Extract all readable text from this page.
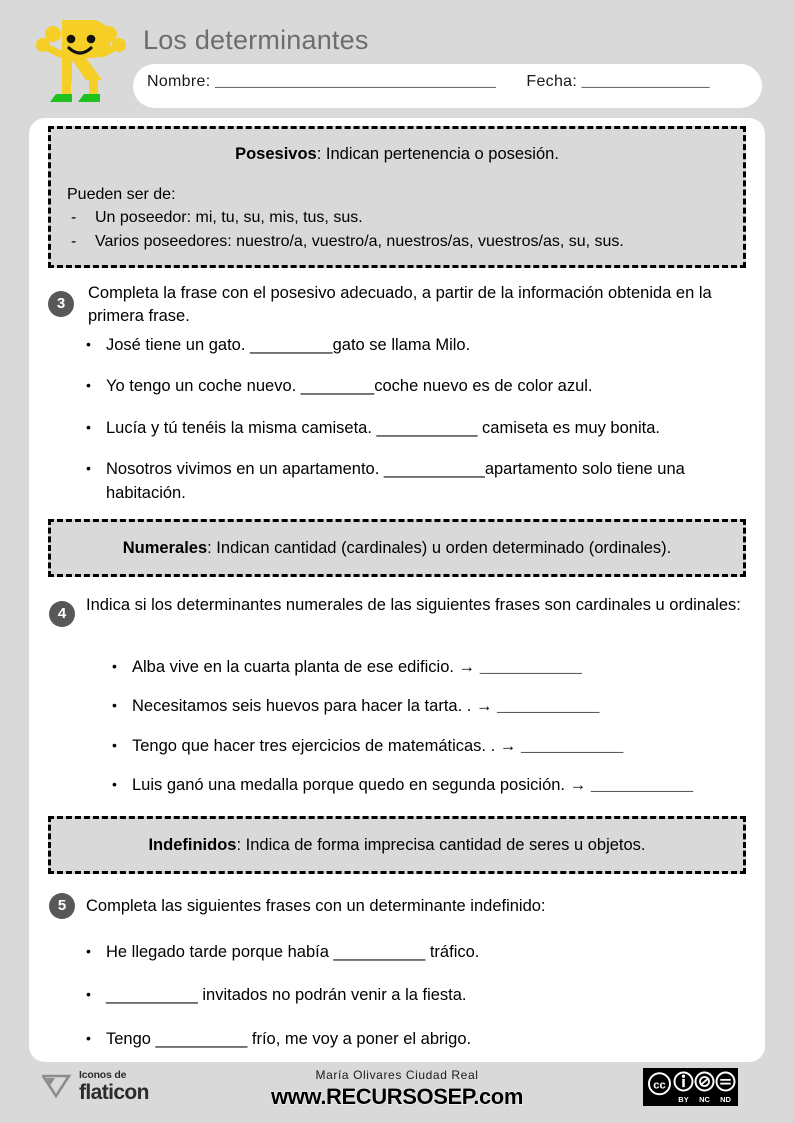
Los determinantes
Nombre: _________________________________ Fecha: _______________
Posesivos: Indican pertenencia o posesión.
Pueden ser de:
-	Un poseedor: mi, tu, su, mis, tus, sus.
-	Varios poseedores: nuestro/a, vuestro/a, nuestros/as, vuestros/as, su, sus.
3
Completa la frase con el posesivo adecuado, a partir de la información obtenida en la primera frase.
• José tiene un gato. _________gato se llama Milo.
• Yo tengo un coche nuevo. ________coche nuevo es de color azul.
• Lucía y tú tenéis la misma camiseta. ___________ camiseta es muy bonita.
• Nosotros vivimos en un apartamento. ___________apartamento solo tiene una habitación.
Numerales: Indican cantidad (cardinales) u orden determinado (ordinales).
4	Indica si los determinantes numerales de las siguientes frases son cardinales u ordinales:
• Alba vive en la cuarta planta de ese edificio. → ____________
• Necesitamos seis huevos para hacer la tarta. . → ____________
• Tengo que hacer tres ejercicios de matemáticas. . → ____________
• Luis ganó una medalla porque quedo en segunda posición. → ____________
Indefinidos: Indica de forma imprecisa cantidad de seres u objetos.
5	Completa las siguientes frases con un determinante indefinido:
• He llegado tarde porque había __________ tráfico.
• __________ invitados no podrán venir a la fiesta.
• Tengo __________ frío, me voy a poner el abrigo.
Iconos de
flaticon
María Olivares Ciudad Real
www.RECURSOSEP.com	cc
BY NC ND
